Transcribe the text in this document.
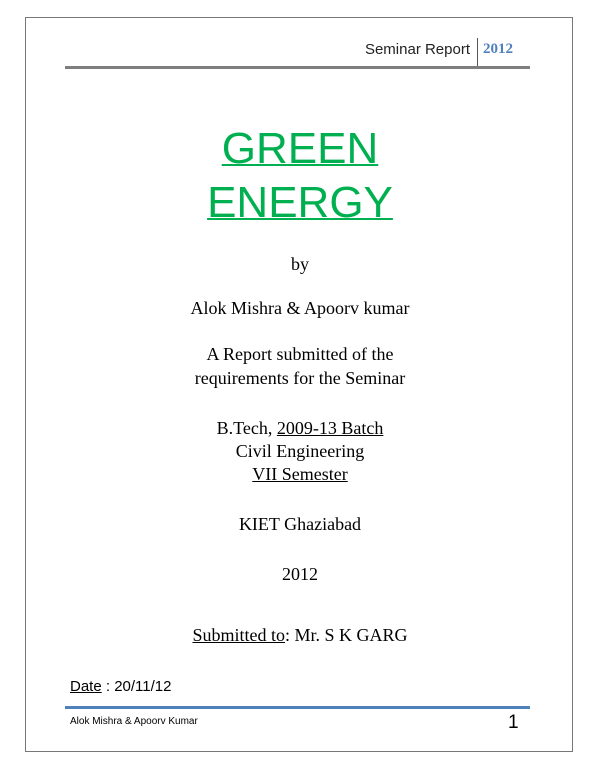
Seminar Report 2012
GREEN
ENERGY
by
Alok Mishra & Apoorv kumar
A Report submitted of the
requirements for the Seminar
B.Tech, 2009-13 Batch
Civil Engineering
VII Semester
KIET Ghaziabad
2012
Submitted to: Mr. S K GARG
Date : 20/11/12
Alok Mishra & Apoorv Kumar	1
